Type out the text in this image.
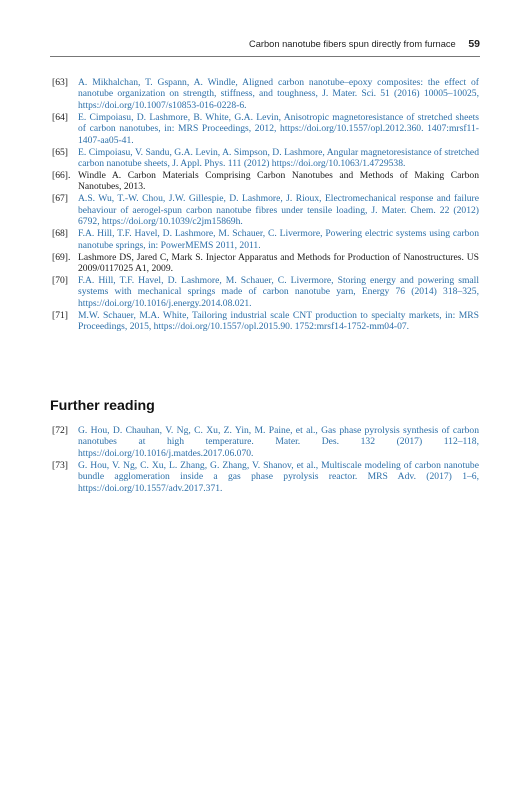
Carbon nanotube fibers spun directly from furnace 59
[63]	A. Mikhalchan, T. Gspann, A. Windle, Aligned carbon nanotube–epoxy composites: the effect of nanotube organization on strength, stiffness, and toughness, J. Mater. Sci. 51 (2016) 10005–10025, https://doi.org/10.1007/s10853-016-0228-6.
[64]	E. Cimpoiasu, D. Lashmore, B. White, G.A. Levin, Anisotropic magnetoresistance of stretched sheets of carbon nanotubes, in: MRS Proceedings, 2012, https://doi.org/10.1557/opl.2012.360. 1407:mrsf11-1407-aa05-41.
[65]	E. Cimpoiasu, V. Sandu, G.A. Levin, A. Simpson, D. Lashmore, Angular magnetoresistance of stretched carbon nanotube sheets, J. Appl. Phys. 111 (2012) https://doi.org/10.1063/1.4729538.
[66]. Windle A. Carbon Materials Comprising Carbon Nanotubes and Methods of Making Carbon Nanotubes, 2013.
[67]	A.S. Wu, T.-W. Chou, J.W. Gillespie, D. Lashmore, J. Rioux, Electromechanical response and failure behaviour of aerogel-spun carbon nanotube fibres under tensile loading, J. Mater. Chem. 22 (2012) 6792, https://doi.org/10.1039/c2jm15869h.
[68]	F.A. Hill, T.F. Havel, D. Lashmore, M. Schauer, C. Livermore, Powering electric systems using carbon nanotube springs, in: PowerMEMS 2011, 2011.
[69]. Lashmore DS, Jared C, Mark S. Injector Apparatus and Methods for Production of Nanostructures. US 2009/0117025 A1, 2009.
[70]	F.A. Hill, T.F. Havel, D. Lashmore, M. Schauer, C. Livermore, Storing energy and powering small systems with mechanical springs made of carbon nanotube yarn, Energy 76 (2014) 318–325, https://doi.org/10.1016/j.energy.2014.08.021.
[71]	M.W. Schauer, M.A. White, Tailoring industrial scale CNT production to specialty markets, in: MRS Proceedings, 2015, https://doi.org/10.1557/opl.2015.90. 1752:mrsf14-1752-mm04-07.
Further reading
[72]	G. Hou, D. Chauhan, V. Ng, C. Xu, Z. Yin, M. Paine, et al., Gas phase pyrolysis synthesis of carbon nanotubes at high temperature. Mater. Des. 132 (2017) 112–118, https://doi.org/10.1016/j.matdes.2017.06.070.
[73]	G. Hou, V. Ng, C. Xu, L. Zhang, G. Zhang, V. Shanov, et al., Multiscale modeling of carbon nanotube bundle agglomeration inside a gas phase pyrolysis reactor. MRS Adv. (2017) 1–6, https://doi.org/10.1557/adv.2017.371.
